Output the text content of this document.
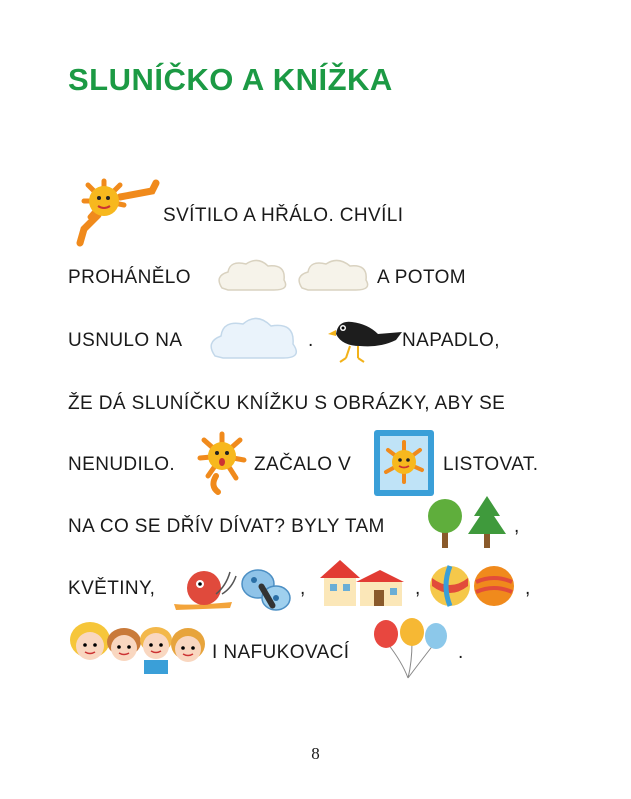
SLUNÍČKO A KNÍŽKA
SVÍTILO A HŘÁLO. CHVÍLI
PROHÁNĚLO	A POTOM
USNULO NA	.	NAPADLO,
ŽE DÁ SLUNÍČKU KNÍŽKU S OBRÁZKY, ABY SE
NENUDILO.	ZAČALO V	LISTOVAT.
NA CO SE DŘÍV DÍVAT? BYLY TAM	,
KVĚTINY,	,	,	,
I NAFUKOVACÍ	.
8
